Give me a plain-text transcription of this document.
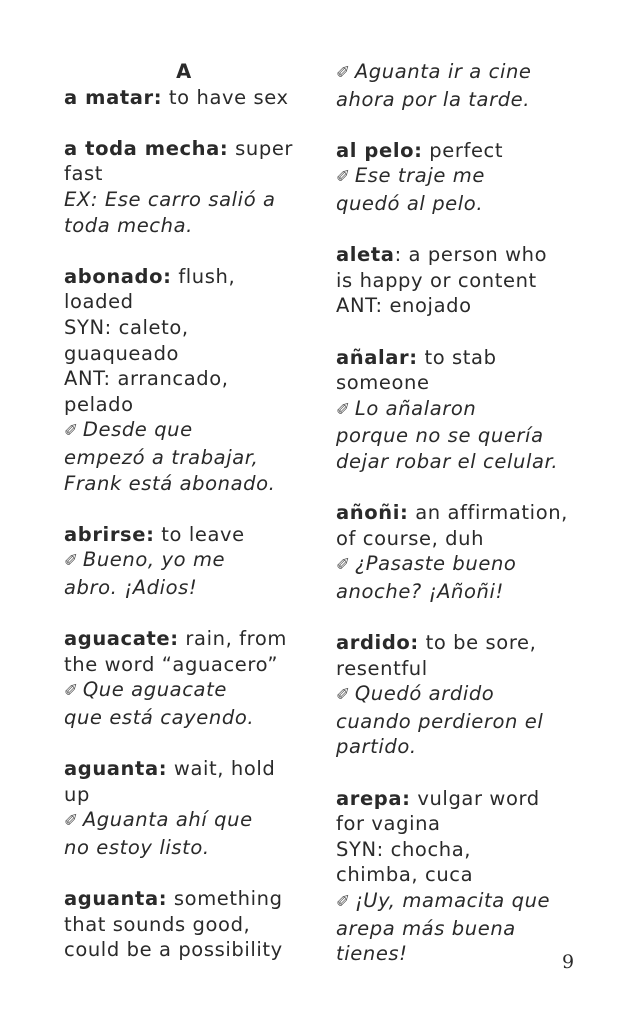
A
a matar: to have sex
a toda mecha: super
fast
EX: Ese carro salió a
toda mecha.
abonado: flush,
loaded
SYN: caleto,
guaqueado
ANT: arrancado,
pelado
✐ Desde que
empezó a trabajar,
Frank está abonado.
abrirse: to leave
✐ Bueno, yo me
abro. ¡Adios!
aguacate: rain, from
the word “aguacero”
✐ Que aguacate
que está cayendo.
aguanta: wait, hold
up
✐ Aguanta ahí que
no estoy listo.
aguanta: something
that sounds good,
could be a possibility
✐ Aguanta ir a cine
ahora por la tarde.
al pelo: perfect
✐ Ese traje me
quedó al pelo.
aleta: a person who
is happy or content
ANT: enojado
añalar: to stab
someone
✐ Lo añalaron
porque no se quería
dejar robar el celular.
añoñi: an affirmation,
of course, duh
✐ ¿Pasaste bueno
anoche? ¡Añoñi!
ardido: to be sore,
resentful
✐ Quedó ardido
cuando perdieron el
partido.
arepa: vulgar word
for vagina
SYN: chocha,
chimba, cuca
✐ ¡Uy, mamacita que
arepa más buena
tienes!	9
